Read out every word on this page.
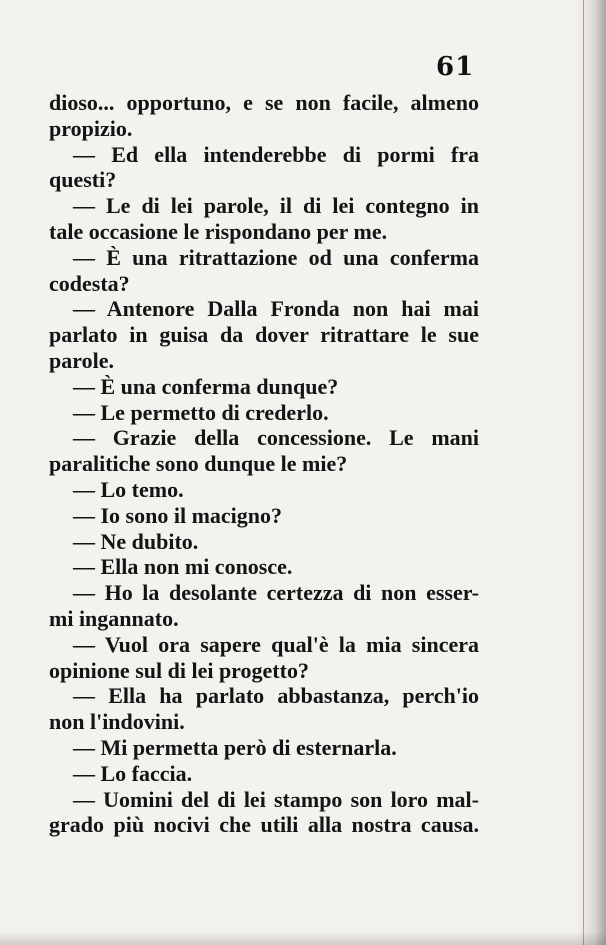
61
dioso... opportuno, e se non facile, almeno
propizio.
— Ed ella intenderebbe di pormi fra
questi?
— Le di lei parole, il di lei contegno in
tale occasione le rispondano per me.
— È una ritrattazione od una conferma
codesta?
— Antenore Dalla Fronda non hai mai
parlato in guisa da dover ritrattare le sue
parole.
— È una conferma dunque?
— Le permetto di crederlo.
— Grazie della concessione. Le mani
paralitiche sono dunque le mie?
— Lo temo.
— Io sono il macigno?
— Ne dubito.
— Ella non mi conosce.
— Ho la desolante certezza di non esser-
mi ingannato.
— Vuol ora sapere qual'è la mia sincera
opinione sul di lei progetto?
— Ella ha parlato abbastanza, perch'io
non l'indovini.
— Mi permetta però di esternarla.
— Lo faccia.
— Uomini del di lei stampo son loro mal-
grado più nocivi che utili alla nostra causa.
